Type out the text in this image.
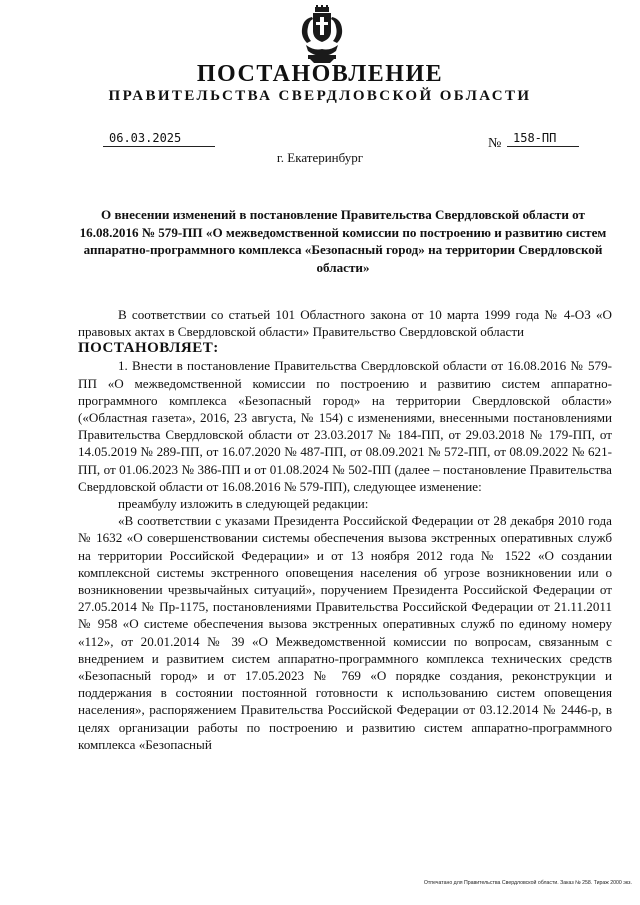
ПОСТАНОВЛЕНИЕ
ПРАВИТЕЛЬСТВА СВЕРДЛОВСКОЙ ОБЛАСТИ
06.03.2025	№ 158-ПП
г. Екатеринбург
О внесении изменений в постановление Правительства Свердловской области от 16.08.2016 № 579-ПП «О межведомственной комиссии по построению и развитию систем аппаратно-программного комплекса «Безопасный город» на территории Свердловской области»

В соответствии со статьей 101 Областного закона от 10 марта 1999 года № 4-ОЗ «О правовых актах в Свердловской области» Правительство Свердловской области

ПОСТАНОВЛЯЕТ:

1. Внести в постановление Правительства Свердловской области от 16.08.2016 № 579-ПП «О межведомственной комиссии по построению и развитию систем аппаратно-программного комплекса «Безопасный город» на территории Свердловской области» («Областная газета», 2016, 23 августа, № 154) с изменениями, внесенными постановлениями Правительства Свердловской области от 23.03.2017 № 184-ПП, от 29.03.2018 № 179-ПП, от 14.05.2019 № 289-ПП, от 16.07.2020 № 487-ПП, от 08.09.2021 № 572-ПП, от 08.09.2022 № 621-ПП, от 01.06.2023 № 386-ПП и от 01.08.2024 № 502-ПП (далее – постановление Правительства Свердловской области от 16.08.2016 № 579-ПП), следующее изменение:

преамбулу изложить в следующей редакции:

«В соответствии с указами Президента Российской Федерации от 28 декабря 2010 года № 1632 «О совершенствовании системы обеспечения вызова экстренных оперативных служб на территории Российской Федерации» и от 13 ноября 2012 года № 1522 «О создании комплексной системы экстренного оповещения населения об угрозе возникновении или о возникновении чрезвычайных ситуаций», поручением Президента Российской Федерации от 27.05.2014 № Пр-1175, постановлениями Правительства Российской Федерации от 21.11.2011 № 958 «О системе обеспечения вызова экстренных оперативных служб по единому номеру «112», от 20.01.2014 № 39 «О Межведомственной комиссии по вопросам, связанным с внедрением и развитием систем аппаратно-программного комплекса технических средств «Безопасный город» и от 17.05.2023 № 769 «О порядке создания, реконструкции и поддержания в состоянии постоянной готовности к использованию систем оповещения населения», распоряжением Правительства Российской Федерации от 03.12.2014 № 2446-р, в целях организации работы по построению и развитию систем аппаратно-программного комплекса «Безопасный

Отпечатано для Правительства Свердловской области. Заказ № 258. Тираж 2000 экз.
